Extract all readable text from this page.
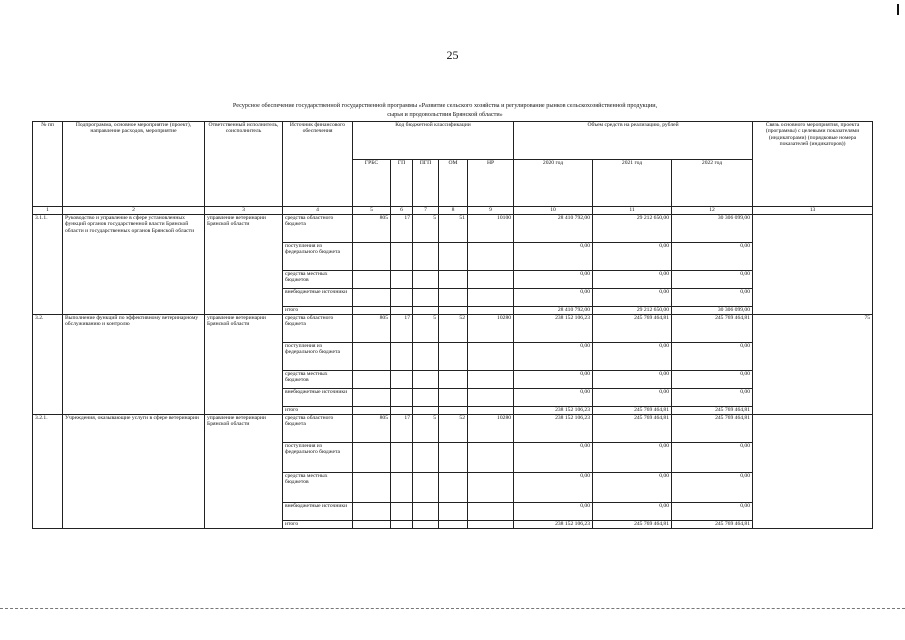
25
Ресурсное обеспечение государственной государственной программы «Развитие сельского хозяйства и регулирование рынков сельскохозяйственной продукции,
сырья и продовольствия Брянской области»
№ пп	Подпрограмма, основное мероприятие (проект), направление расходов, мероприятие	Ответственный исполнитель, соисполнитель	Источник финансового обеспечения	Код бюджетной классификации					Объем средств на реализацию, рублей			Связь основного мероприятия, проекта (программы) с целевыми показателями (индикаторами) (порядковые номера показателей (индикаторов))
				ГРБС	ГП	ПГП	ОМ	НР	2020 год	2021 год	2022 год	
1	2	3	4	5	6	7	8	9	10	11	12	13
3.1.1.	Руководство и управление в сфере установленных функций органов государственной власти Брянской области и государственных органов Брянской области	управление ветеринарии Брянской области	средства областного бюджета	805	17	5	51	10100	28 410 792,00	29 212 650,00	30 306 099,00	
			поступления из федерального бюджета						0,00	0,00	0,00	
			средства местных бюджетов						0,00	0,00	0,00	
			внебюджетные источники						0,00	0,00	0,00	
			итого						28 410 792,00	29 212 650,00	30 306 099,00	
3.2.	Выполнение функций по эффективному ветеринарному обслуживанию и контролю	управление ветеринарии Брянской области	средства областного бюджета	805	17	5	52	10280	238 152 106,23	245 769 464,81	245 769 464,81	75
			поступления из федерального бюджета						0,00	0,00	0,00	
			средства местных бюджетов						0,00	0,00	0,00	
			внебюджетные источники						0,00	0,00	0,00	
			итого						238 152 106,23	245 769 464,81	245 769 464,81	
3.2.1.	Учреждения, оказывающие услуги в сфере ветеринарии	управление ветеринарии Брянской области	средства областного бюджета	805	17	5	52	10280	238 152 106,23	245 769 464,81	245 769 464,81	
			поступления из федерального бюджета						0,00	0,00	0,00	
			средства местных бюджетов						0,00	0,00	0,00	
			внебюджетные источники						0,00	0,00	0,00	
			итого						238 152 106,23	245 769 464,81	245 769 464,81	
